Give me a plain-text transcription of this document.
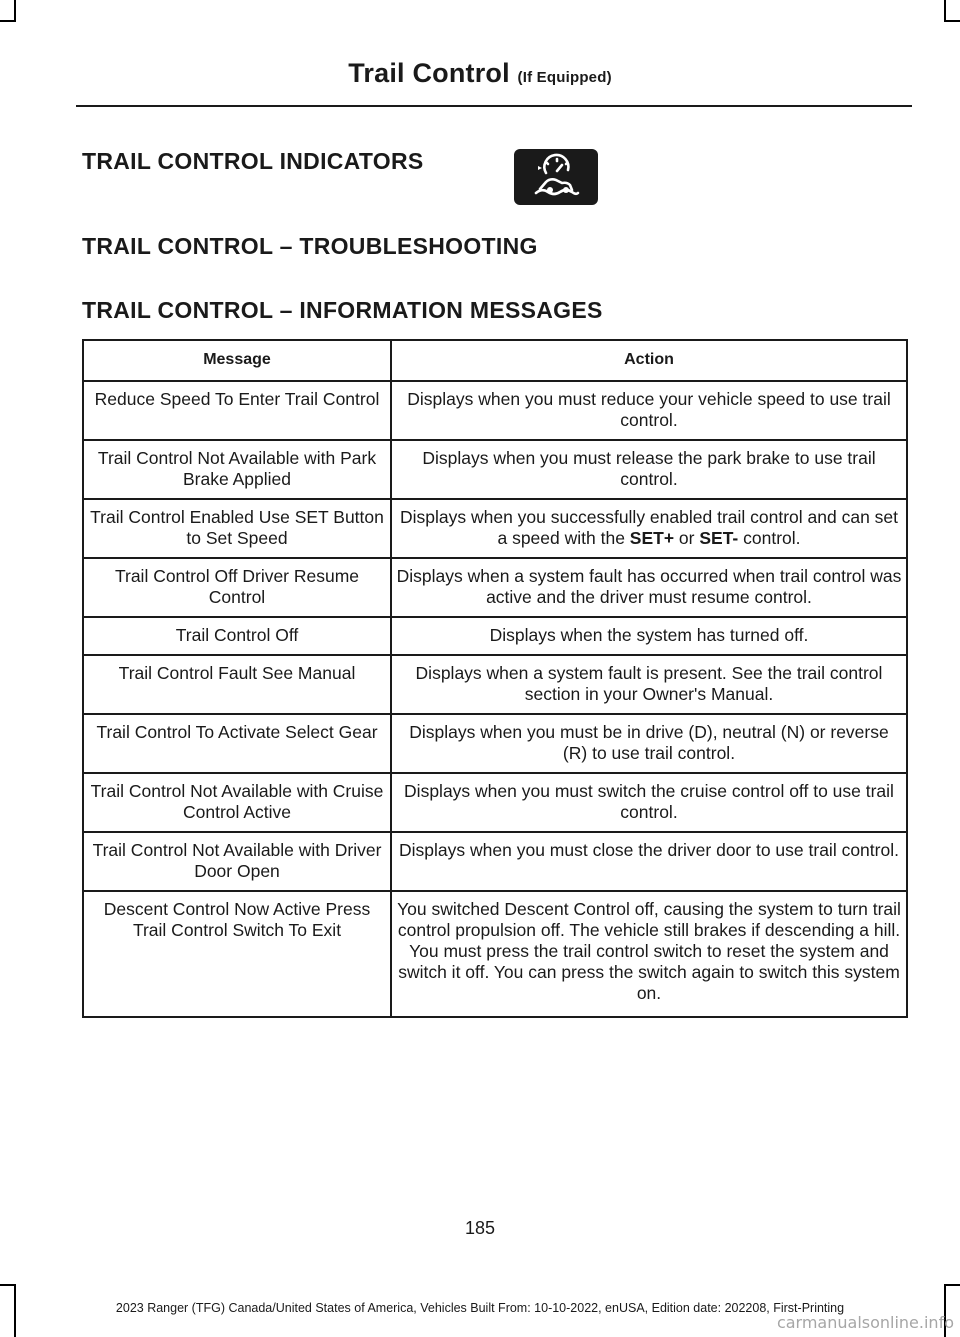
Trail Control (If Equipped)
TRAIL CONTROL INDICATORS
TRAIL CONTROL – TROUBLESHOOTING
TRAIL CONTROL – INFORMATION MESSAGES
Message	Action
Reduce Speed To Enter Trail Control	Displays when you must reduce your vehicle speed to use trail control.
Trail Control Not Available with Park Brake Applied	Displays when you must release the park brake to use trail control.
Trail Control Enabled Use SET Button to Set Speed	Displays when you successfully enabled trail control and can set a speed with the SET+ or SET- control.
Trail Control Off Driver Resume Control	Displays when a system fault has occurred when trail control was active and the driver must resume control.
Trail Control Off	Displays when the system has turned off.
Trail Control Fault See Manual	Displays when a system fault is present. See the trail control section in your Owner's Manual.
Trail Control To Activate Select Gear	Displays when you must be in drive (D), neutral (N) or reverse (R) to use trail control.
Trail Control Not Available with Cruise Control Active	Displays when you must switch the cruise control off to use trail control.
Trail Control Not Available with Driver Door Open	Displays when you must close the driver door to use trail control.
Descent Control Now Active Press Trail Control Switch To Exit	You switched Descent Control off, causing the system to turn trail control propulsion off. The vehicle still brakes if descending a hill. You must press the trail control switch to reset the system and switch it off. You can press the switch again to switch this system on.
185
2023 Ranger (TFG) Canada/United States of America, Vehicles Built From: 10-10-2022, enUSA, Edition date: 202208, First-Printing
carmanualsonline.info
